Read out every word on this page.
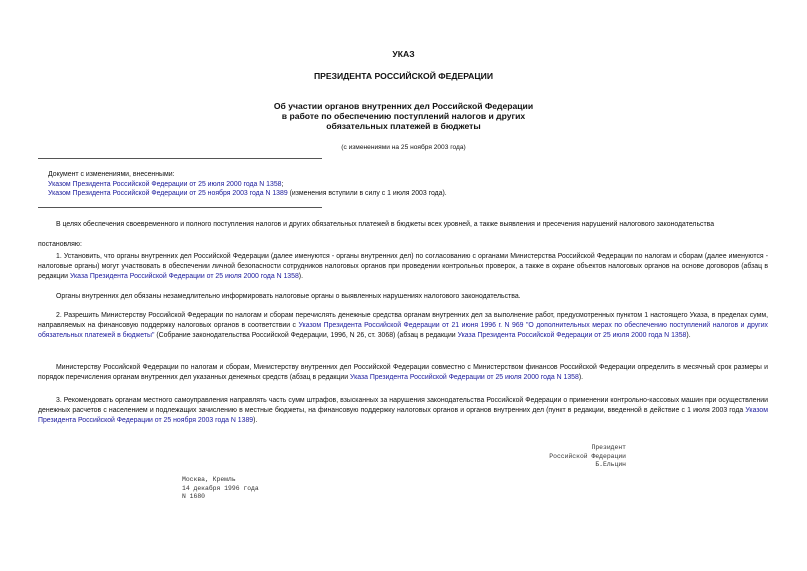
УКАЗ
ПРЕЗИДЕНТА РОССИЙСКОЙ ФЕДЕРАЦИИ
Об участии органов внутренних дел Российской Федерации
в работе по обеспечению поступлений налогов и других
обязательных платежей в бюджеты
(с изменениями на 25 ноября 2003 года)
Документ с изменениями, внесенными:
Указом Президента Российской Федерации от 25 июля 2000 года N 1358;
Указом Президента Российской Федерации от 25 ноября 2003 года N 1389 (изменения вступили в силу с 1 июля 2003 года).
В целях обеспечения своевременного и полного поступления налогов и других обязательных платежей в бюджеты всех уровней, а также выявления и пресечения нарушений налогового законодательства
постановляю:
1. Установить, что органы внутренних дел Российской Федерации (далее именуются - органы внутренних дел) по согласованию с органами Министерства Российской Федерации по налогам и сборам (далее именуются - налоговые органы) могут участвовать в обеспечении личной безопасности сотрудников налоговых органов при проведении контрольных проверок, а также в охране объектов налоговых органов на основе договоров (абзац в редакции Указа Президента Российской Федерации от 25 июля 2000 года N 1358).
Органы внутренних дел обязаны незамедлительно информировать налоговые органы о выявленных нарушениях налогового законодательства.
2. Разрешить Министерству Российской Федерации по налогам и сборам перечислять денежные средства органам внутренних дел за выполнение работ, предусмотренных пунктом 1 настоящего Указа, в пределах сумм, направляемых на финансовую поддержку налоговых органов в соответствии с Указом Президента Российской Федерации от 21 июня 1996 г. N 969 "О дополнительных мерах по обеспечению поступлений налогов и других обязательных платежей в бюджеты" (Собрание законодательства Российской Федерации, 1996, N 26, ст. 3068) (абзац в редакции Указа Президента Российской Федерации от 25 июля 2000 года N 1358).
Министерству Российской Федерации по налогам и сборам, Министерству внутренних дел Российской Федерации совместно с Министерством финансов Российской Федерации определить в месячный срок размеры и порядок перечисления органам внутренних дел указанных денежных средств (абзац в редакции Указа Президента Российской Федерации от 25 июля 2000 года N 1358).
3. Рекомендовать органам местного самоуправления направлять часть сумм штрафов, взысканных за нарушения законодательства Российской Федерации о применении контрольно-кассовых машин при осуществлении денежных расчетов с населением и подлежащих зачислению в местные бюджеты, на финансовую поддержку налоговых органов и органов внутренних дел (пункт в редакции, введенной в действие с 1 июля 2003 года Указом Президента Российской Федерации от 25 ноября 2003 года N 1389).
Президент
Российской Федерации
Б.Ельцин
Москва, Кремль
14 декабря 1996 года
N 1680
